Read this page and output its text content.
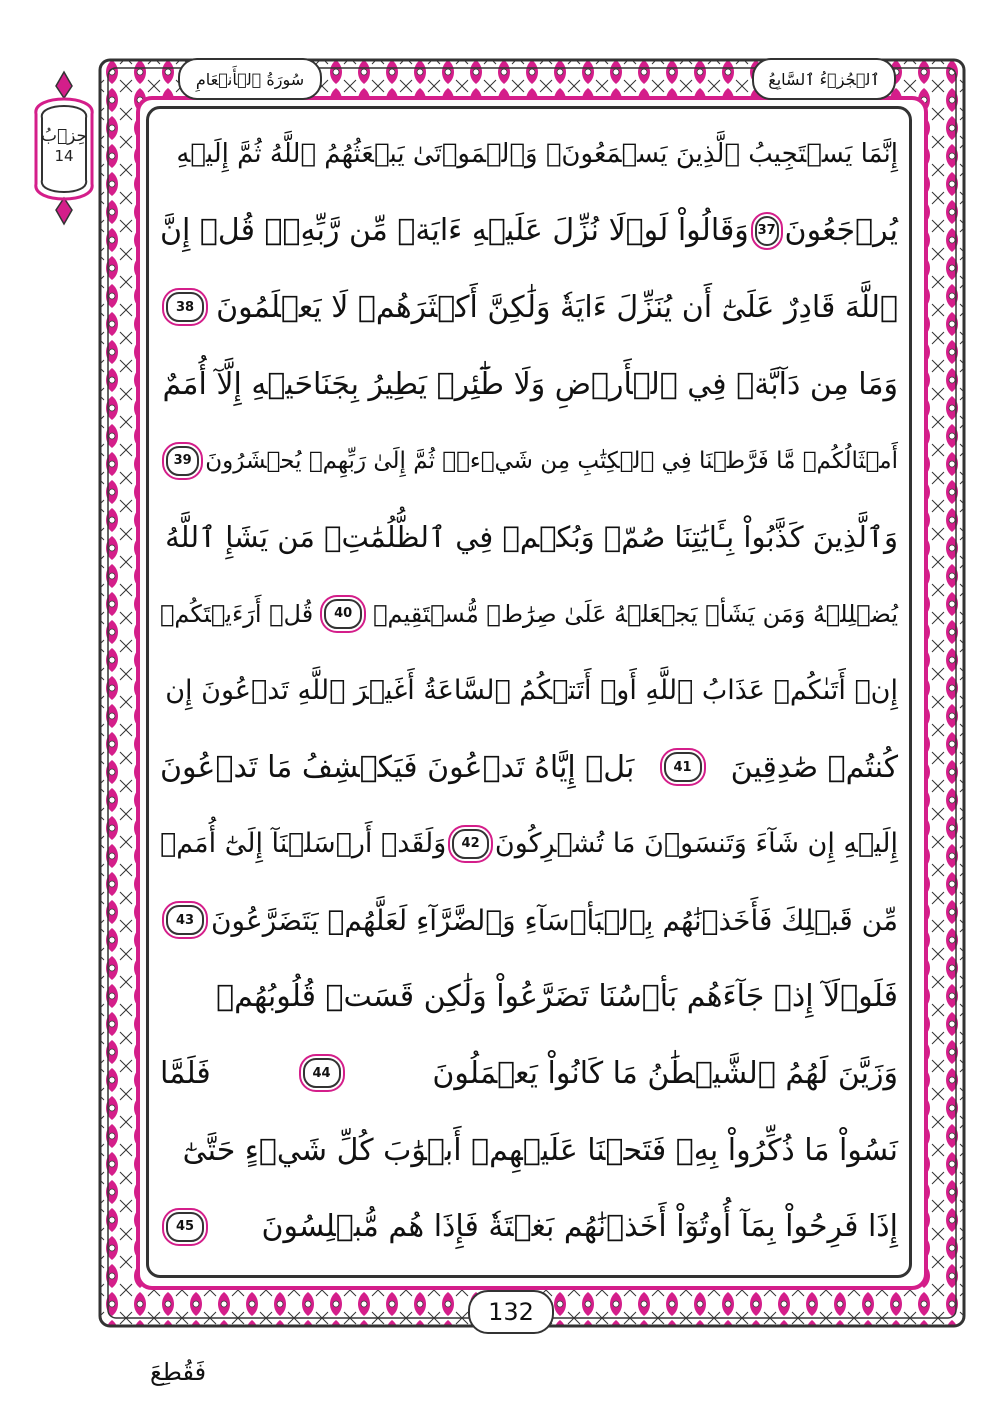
حِزۡبُ
14
ٱلۡجُزۡءُ ٱلسَّابِعُ
سُورَةُ ٱلۡأَنۡعَامِ
إِنَّمَا يَسۡتَجِيبُ ٱلَّذِينَ يَسۡمَعُونَۘ وَٱلۡمَوۡتَىٰ يَبۡعَثُهُمُ ٱللَّهُ ثُمَّ إِلَيۡهِ
يُرۡجَعُونَ
37
وَقَالُواْ لَوۡلَا نُزِّلَ عَلَيۡهِ ءَايَةٞ مِّن رَّبِّهِۦۚ قُلۡ إِنَّ
ٱللَّهَ قَادِرٌ عَلَىٰٓ أَن يُنَزِّلَ ءَايَةٗ وَلَٰكِنَّ أَكۡثَرَهُمۡ لَا يَعۡلَمُونَ
38
وَمَا مِن دَآبَّةٖ فِي ٱلۡأَرۡضِ وَلَا طَٰٓئِرٖ يَطِيرُ بِجَنَاحَيۡهِ إِلَّآ أُمَمٌ
أَمۡثَالُكُمۚ مَّا فَرَّطۡنَا فِي ٱلۡكِتَٰبِ مِن شَيۡءٖۚ ثُمَّ إِلَىٰ رَبِّهِمۡ يُحۡشَرُونَ
39
وَٱلَّذِينَ كَذَّبُواْ بِـَٔايَٰتِنَا صُمّٞ وَبُكۡمٞ فِي ٱلظُّلُمَٰتِۗ مَن يَشَإِ ٱللَّهُ
يُضۡلِلۡهُ وَمَن يَشَأۡ يَجۡعَلۡهُ عَلَىٰ صِرَٰطٖ مُّسۡتَقِيمٖ
40
قُلۡ أَرَءَيۡتَكُمۡ
إِنۡ أَتَىٰكُمۡ عَذَابُ ٱللَّهِ أَوۡ أَتَتۡكُمُ ٱلسَّاعَةُ أَغَيۡرَ ٱللَّهِ تَدۡعُونَ إِن
كُنتُمۡ صَٰدِقِينَ
41
بَلۡ إِيَّاهُ تَدۡعُونَ فَيَكۡشِفُ مَا تَدۡعُونَ
إِلَيۡهِ إِن شَآءَ وَتَنسَوۡنَ مَا تُشۡرِكُونَ
42
وَلَقَدۡ أَرۡسَلۡنَآ إِلَىٰٓ أُمَمٖ
مِّن قَبۡلِكَ فَأَخَذۡنَٰهُم بِٱلۡبَأۡسَآءِ وَٱلضَّرَّآءِ لَعَلَّهُمۡ يَتَضَرَّعُونَ
43
فَلَوۡلَآ إِذۡ جَآءَهُم بَأۡسُنَا تَضَرَّعُواْ وَلَٰكِن قَسَتۡ قُلُوبُهُمۡ
وَزَيَّنَ لَهُمُ ٱلشَّيۡطَٰنُ مَا كَانُواْ يَعۡمَلُونَ
44
فَلَمَّا
نَسُواْ مَا ذُكِّرُواْ بِهِۦ فَتَحۡنَا عَلَيۡهِمۡ أَبۡوَٰبَ كُلِّ شَيۡءٍ حَتَّىٰٓ
إِذَا فَرِحُواْ بِمَآ أُوتُوٓاْ أَخَذۡنَٰهُم بَغۡتَةٗ فَإِذَا هُم مُّبۡلِسُونَ
45
132
فَقُطِعَ
